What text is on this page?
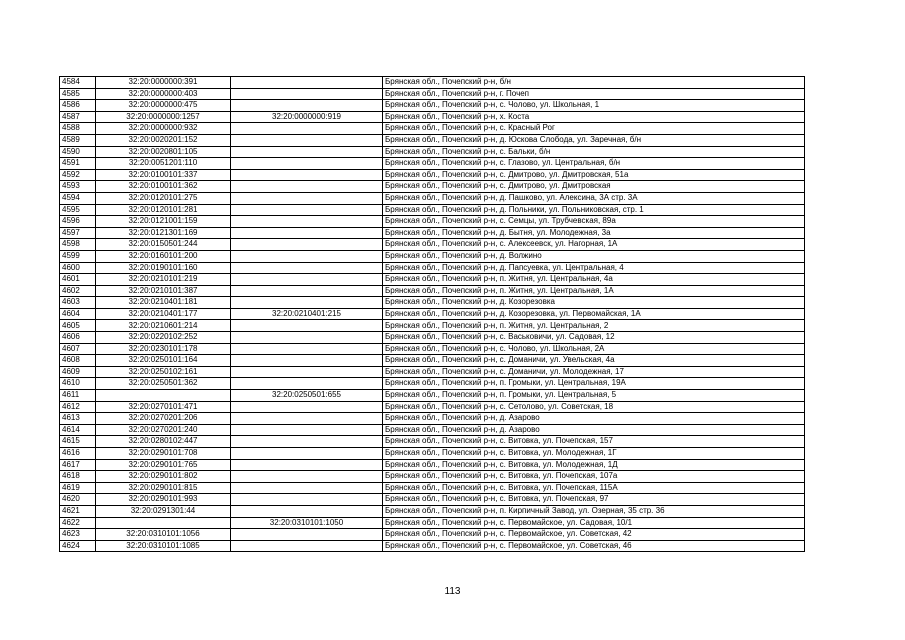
4584	32:20:0000000:391		Брянская обл., Почепский р-н, б/н
4585	32:20:0000000:403		Брянская обл., Почепский р-н, г. Почеп
4586	32:20:0000000:475		Брянская обл., Почепский р-н, с. Чолово, ул. Школьная, 1
4587	32:20:0000000:1257	32:20:0000000:919	Брянская обл., Почепский р-н, х. Коста
4588	32:20:0000000:932		Брянская обл., Почепский р-н, с. Красный Рог
4589	32:20:0020201:152		Брянская обл., Почепский р-н, д. Юскова Слобода, ул. Заречная, б/н
4590	32:20:0020801:105		Брянская обл., Почепский р-н, с. Бальки, б/н
4591	32:20:0051201:110		Брянская обл., Почепский р-н, с. Глазово, ул. Центральная, б/н
4592	32:20:0100101:337		Брянская обл., Почепский р-н, с. Дмитрово, ул. Дмитровская, 51а
4593	32:20:0100101:362		Брянская обл., Почепский р-н, с. Дмитрово, ул. Дмитровская
4594	32:20:0120101:275		Брянская обл., Почепский р-н, д. Пашково, ул. Алексина, 3А стр. 3А
4595	32:20:0120101:281		Брянская обл., Почепский р-н, д. Польники, ул. Польниковская, стр. 1
4596	32:20:0121001:159		Брянская обл., Почепский р-н, с. Семцы, ул. Трубчевская, 89а
4597	32:20:0121301:169		Брянская обл., Почепский р-н, д. Бытня, ул. Молодежная, 3а
4598	32:20:0150501:244		Брянская обл., Почепский р-н, с. Алексеевск, ул. Нагорная, 1А
4599	32:20:0160101:200		Брянская обл., Почепский р-н, д. Волжино
4600	32:20:0190101:160		Брянская обл., Почепский р-н, д. Папсуевка, ул. Центральная, 4
4601	32:20:0210101:219		Брянская обл., Почепский р-н, п. Житня, ул. Центральная, 4а
4602	32:20:0210101:387		Брянская обл., Почепский р-н, п. Житня, ул. Центральная, 1А
4603	32:20:0210401:181		Брянская обл., Почепский р-н, д. Козорезовка
4604	32:20:0210401:177	32:20:0210401:215	Брянская обл., Почепский р-н, д. Козорезовка, ул. Первомайская, 1А
4605	32:20:0210601:214		Брянская обл., Почепский р-н, п. Житня, ул. Центральная, 2
4606	32:20:0220102:252		Брянская обл., Почепский р-н, с. Васьковичи, ул. Садовая, 12
4607	32:20:0230101:178		Брянская обл., Почепский р-н, с. Чолово, ул. Школьная, 2А
4608	32:20:0250101:164		Брянская обл., Почепский р-н, с. Доманичи, ул. Увельская, 4а
4609	32:20:0250102:161		Брянская обл., Почепский р-н, с. Доманичи, ул. Молодежная, 17
4610	32:20:0250501:362		Брянская обл., Почепский р-н, п. Громыки, ул. Центральная, 19А
4611		32:20:0250501:655	Брянская обл., Почепский р-н, п. Громыки, ул. Центральная, 5
4612	32:20:0270101:471		Брянская обл., Почепский р-н, с. Сетолово, ул. Советская, 18
4613	32:20:0270201:206		Брянская обл., Почепский р-н, д. Азарово
4614	32:20:0270201:240		Брянская обл., Почепский р-н, д. Азарово
4615	32:20:0280102:447		Брянская обл., Почепский р-н, с. Витовка, ул. Почепская, 157
4616	32:20:0290101:708		Брянская обл., Почепский р-н, с. Витовка, ул. Молодежная, 1Г
4617	32:20:0290101:765		Брянская обл., Почепский р-н, с. Витовка, ул. Молодежная, 1Д
4618	32:20:0290101:802		Брянская обл., Почепский р-н, с. Витовка, ул. Почепская, 107а
4619	32:20:0290101:815		Брянская обл., Почепский р-н, с. Витовка, ул. Почепская, 115А
4620	32:20:0290101:993		Брянская обл., Почепский р-н, с. Витовка, ул. Почепская, 97
4621	32:20:0291301:44		Брянская обл., Почепский р-н, п. Кирпичный Завод, ул. Озерная, 35 стр. 36
4622		32:20:0310101:1050	Брянская обл., Почепский р-н, с. Первомайское, ул. Садовая, 10/1
4623	32:20:0310101:1056		Брянская обл., Почепский р-н, с. Первомайское, ул. Советская, 42
4624	32:20:0310101:1085		Брянская обл., Почепский р-н, с. Первомайское, ул. Советская, 46
113
